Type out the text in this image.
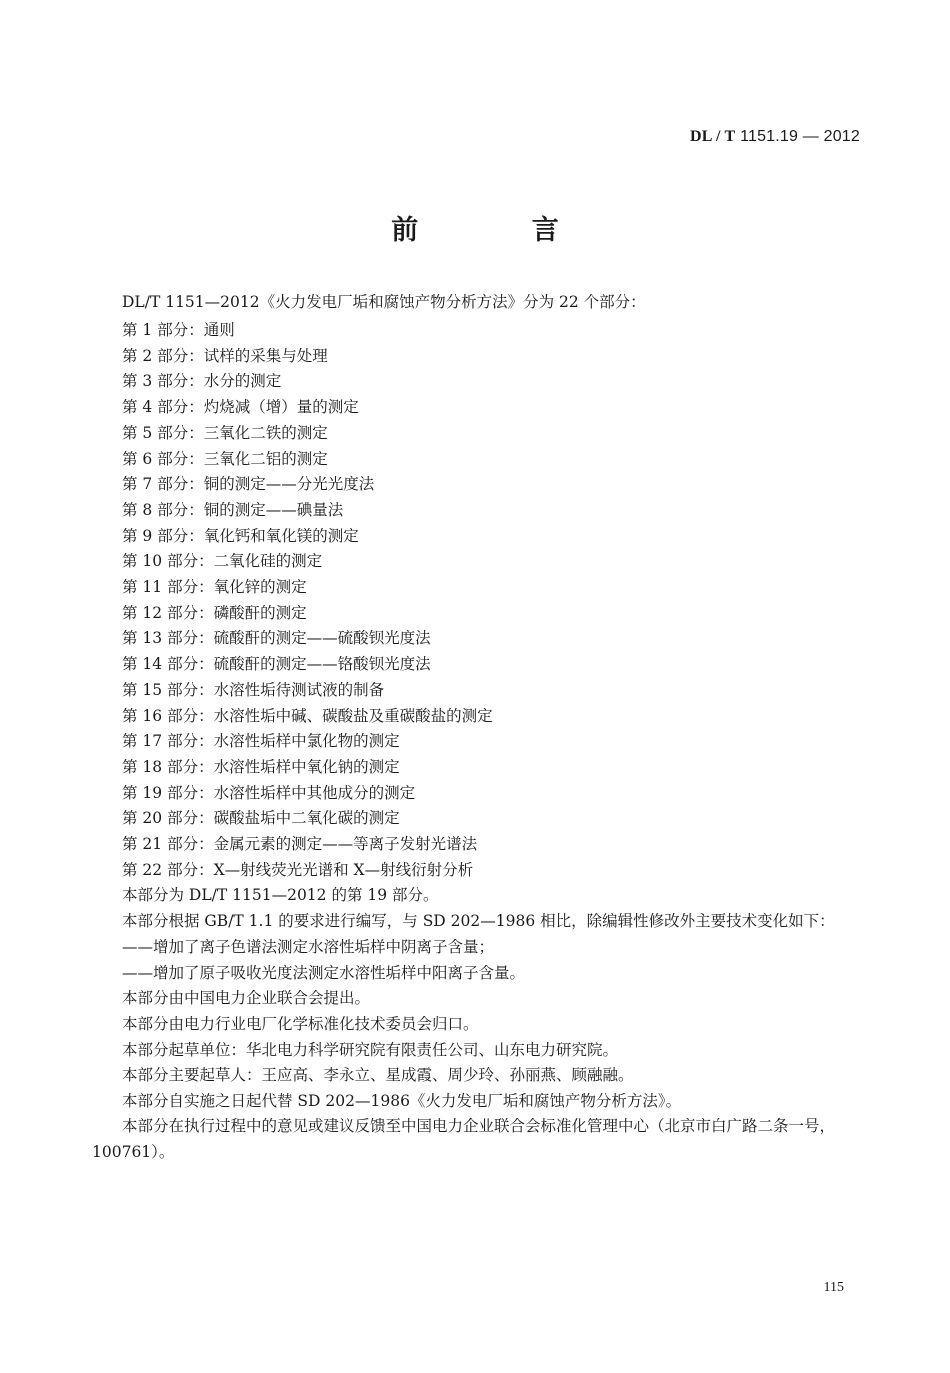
DL / T 1151.19 — 2012
前 言
DL/T 1151—2012《火力发电厂垢和腐蚀产物分析方法》分为 22 个部分：
第 1 部分：通则
第 2 部分：试样的采集与处理
第 3 部分：水分的测定
第 4 部分：灼烧减（增）量的测定
第 5 部分：三氧化二铁的测定
第 6 部分：三氧化二铝的测定
第 7 部分：铜的测定——分光光度法
第 8 部分：铜的测定——碘量法
第 9 部分：氧化钙和氧化镁的测定
第 10 部分：二氧化硅的测定
第 11 部分：氧化锌的测定
第 12 部分：磷酸酐的测定
第 13 部分：硫酸酐的测定——硫酸钡光度法
第 14 部分：硫酸酐的测定——铬酸钡光度法
第 15 部分：水溶性垢待测试液的制备
第 16 部分：水溶性垢中碱、碳酸盐及重碳酸盐的测定
第 17 部分：水溶性垢样中氯化物的测定
第 18 部分：水溶性垢样中氧化钠的测定
第 19 部分：水溶性垢样中其他成分的测定
第 20 部分：碳酸盐垢中二氧化碳的测定
第 21 部分：金属元素的测定——等离子发射光谱法
第 22 部分：X—射线荧光光谱和 X—射线衍射分析
本部分为 DL/T 1151—2012 的第 19 部分。
本部分根据 GB/T 1.1 的要求进行编写，与 SD 202—1986 相比，除编辑性修改外主要技术变化如下：
——增加了离子色谱法测定水溶性垢样中阴离子含量；
——增加了原子吸收光度法测定水溶性垢样中阳离子含量。
本部分由中国电力企业联合会提出。
本部分由电力行业电厂化学标准化技术委员会归口。
本部分起草单位：华北电力科学研究院有限责任公司、山东电力研究院。
本部分主要起草人：王应高、李永立、星成霞、周少玲、孙丽燕、顾融融。
本部分自实施之日起代替 SD 202—1986《火力发电厂垢和腐蚀产物分析方法》。
本部分在执行过程中的意见或建议反馈至中国电力企业联合会标准化管理中心（北京市白广路二条一号，100761）。
115
